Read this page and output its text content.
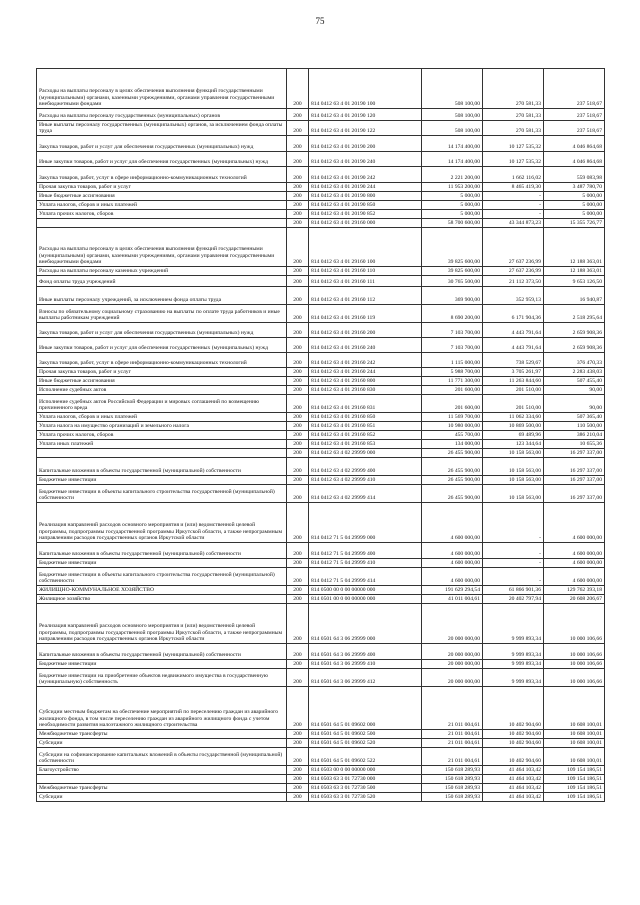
75
Расходы на выплаты персоналу в целях обеспечения выполнения функций государственными (муниципальными) органами, казенными учреждениями, органами управления государственными внебюджетными фондами	200	814 0412 63 4 01 20190 100	508 100,00	270 581,33	237 518,67
Расходы на выплаты персоналу государственных (муниципальных) органов	200	814 0412 63 4 01 20190 120	508 100,00	270 581,33	237 518,67
Иные выплаты персоналу государственных (муниципальных) органов, за исключением фонда оплаты труда	200	814 0412 63 4 01 20190 122	508 100,00	270 581,33	237 518,67
Закупка товаров, работ и услуг для обеспечения государственных (муниципальных) нужд	200	814 0412 63 4 01 20190 200	14 174 400,00	10 127 535,32	4 046 864,68
Иные закупки товаров, работ и услуг для обеспечения государственных (муниципальных) нужд	200	814 0412 63 4 01 20190 240	14 174 400,00	10 127 535,32	4 046 864,68
Закупка товаров, работ, услуг в сфере информационно-коммуникационных технологий	200	814 0412 63 4 01 20190 242	2 221 200,00	1 662 116,02	559 083,98
Прочая закупка товаров, работ и услуг	200	814 0412 63 4 01 20190 244	11 953 200,00	8 465 419,30	3 487 780,70
Иные бюджетные ассигнования	200	814 0412 63 4 01 20190 800	5 000,00	-	5 000,00
Уплата налогов, сборов и иных платежей	200	814 0412 63 4 01 20190 850	5 000,00	-	5 000,00
Уплата прочих налогов, сборов	200	814 0412 63 4 01 20190 852	5 000,00	-	5 000,00
	200	814 0412 63 4 01 29160 000	58 700 600,00	43 344 873,23	15 355 726,77
Расходы на выплаты персоналу в целях обеспечения выполнения функций государственными (муниципальными) органами, казенными учреждениями, органами управления государственными внебюджетными фондами	200	814 0412 63 4 01 29160 100	39 825 600,00	27 637 236,99	12 188 363,01
Расходы на выплаты персоналу казенных учреждений	200	814 0412 63 4 01 29160 110	39 825 600,00	27 637 236,99	12 188 363,01
Фонд оплаты труда учреждений	200	814 0412 63 4 01 29160 111	30 765 500,00	21 112 373,50	9 653 126,50
Иные выплаты персоналу учреждений, за исключением фонда оплаты труда	200	814 0412 63 4 01 29160 112	369 900,00	352 959,13	16 940,87
Взносы по обязательному социальному страхованию на выплаты по оплате труда работников и иные выплаты работникам учреждений	200	814 0412 63 4 01 29160 119	8 690 200,00	6 171 904,36	2 518 295,64
Закупка товаров, работ и услуг для обеспечения государственных (муниципальных) нужд	200	814 0412 63 4 01 29160 200	7 103 700,00	4 443 791,64	2 659 908,36
Иные закупки товаров, работ и услуг для обеспечения государственных (муниципальных) нужд	200	814 0412 63 4 01 29160 240	7 103 700,00	4 443 791,64	2 659 908,36
Закупка товаров, работ, услуг в сфере информационно-коммуникационных технологий	200	814 0412 63 4 01 29160 242	1 115 000,00	738 529,67	376 470,33
Прочая закупка товаров, работ и услуг	200	814 0412 63 4 01 29160 244	5 988 700,00	3 705 261,97	2 283 438,03
Иные бюджетные ассигнования	200	814 0412 63 4 01 29160 800	11 771 300,00	11 263 844,60	507 455,40
Исполнение судебных актов	200	814 0412 63 4 01 29160 830	201 600,00	201 510,00	90,00
Исполнение судебных актов Российской Федерации и мировых соглашений по возмещению причиненного вреда	200	814 0412 63 4 01 29160 831	201 600,00	201 510,00	90,00
Уплата налогов, сборов и иных платежей	200	814 0412 63 4 01 29160 850	11 569 700,00	11 062 334,60	507 365,40
Уплата налога на имущество организаций и земельного налога	200	814 0412 63 4 01 29160 851	10 980 000,00	10 869 500,00	110 500,00
Уплата прочих налогов, сборов	200	814 0412 63 4 01 29160 852	455 700,00	69 489,96	386 210,04
Уплата иных платежей	200	814 0412 63 4 01 29160 853	134 000,00	123 344,64	10 655,36
	200	814 0412 63 4 02 29999 000	26 455 900,00	10 158 563,00	16 297 337,00
Капитальные вложения в объекты государственной (муниципальной) собственности	200	814 0412 63 4 02 29999 400	26 455 900,00	10 158 563,00	16 297 337,00
Бюджетные инвестиции	200	814 0412 63 4 02 29999 410	26 455 900,00	10 158 563,00	16 297 337,00
Бюджетные инвестиции в объекты капитального строительства государственной (муниципальной) собственности	200	814 0412 63 4 02 29999 414	26 455 900,00	10 158 563,00	16 297 337,00
Реализация направлений расходов основного мероприятия и (или) ведомственной целевой программы, подпрограммы государственной программы Иркутской области, а также непрограммным направлениям расходов государственных органов Иркутской области	200	814 0412 71 5 04 29999 000	4 600 000,00	-	4 600 000,00
Капитальные вложения в объекты государственной (муниципальной) собственности	200	814 0412 71 5 04 29999 400	4 600 000,00	-	4 600 000,00
Бюджетные инвестиции	200	814 0412 71 5 04 29999 410	4 600 000,00	-	4 600 000,00
Бюджетные инвестиции в объекты капитального строительства государственной (муниципальной) собственности	200	814 0412 71 5 04 29999 414	4 600 000,00	-	4 600 000,00
ЖИЛИЩНО-КОММУНАЛЬНОЕ ХОЗЯЙСТВО	200	814 0500 00 0 00 00000 000	191 629 294,54	61 866 901,36	129 762 393,18
Жилищное хозяйство	200	814 0501 00 0 00 00000 000	41 011 004,61	20 402 797,94	20 608 206,67
Реализация направлений расходов основного мероприятия и (или) ведомственной целевой программы, подпрограммы государственной программы Иркутской области, а также непрограммным направлениям расходов государственных органов Иркутской области	200	814 0501 64 3 06 29999 000	20 000 000,00	9 999 893,34	10 000 106,66
Капитальные вложения в объекты государственной (муниципальной) собственности	200	814 0501 64 3 06 29999 400	20 000 000,00	9 999 893,34	10 000 106,66
Бюджетные инвестиции	200	814 0501 64 3 06 29999 410	20 000 000,00	9 999 893,34	10 000 106,66
Бюджетные инвестиции на приобретение объектов недвижимого имущества в государственную (муниципальную) собственность	200	814 0501 64 3 06 29999 412	20 000 000,00	9 999 893,34	10 000 106,66
Субсидии местным бюджетам на обеспечение мероприятий по переселению граждан из аварийного жилищного фонда, в том числе переселению граждан из аварийного жилищного фонда с учетом необходимости развития малоэтажного жилищного строительства	200	814 0501 64 5 01 09602 000	21 011 004,61	10 402 904,60	10 608 100,01
Межбюджетные трансферты	200	814 0501 64 5 01 09602 500	21 011 004,61	10 402 904,60	10 608 100,01
Субсидии	200	814 0501 64 5 01 09602 520	21 011 004,61	10 402 904,60	10 608 100,01
Субсидии на софинансирование капитальных вложений в объекты государственной (муниципальной) собственности	200	814 0501 64 5 01 09602 522	21 011 004,61	10 402 904,60	10 608 100,01
Благоустройство	200	814 0503 00 0 00 00000 000	150 618 289,93	41 464 103,42	109 154 186,51
	200	814 0503 63 3 01 72730 000	150 618 289,93	41 464 103,42	109 154 186,51
Межбюджетные трансферты	200	814 0503 63 3 01 72730 500	150 618 289,93	41 464 103,42	109 154 186,51
Субсидии	200	814 0503 63 3 01 72730 520	150 618 289,93	41 464 103,42	109 154 186,51
